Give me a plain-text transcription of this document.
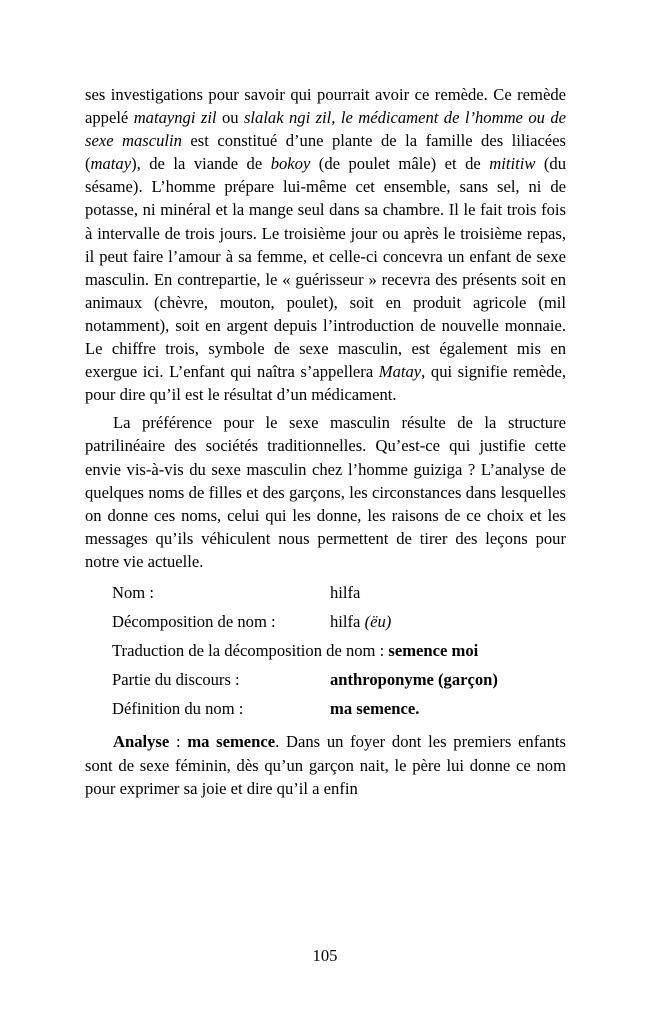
ses investigations pour savoir qui pourrait avoir ce remède. Ce remède appelé matayngi zil ou slalak ngi zil, le médicament de l’homme ou de sexe masculin est constitué d’une plante de la famille des liliacées (matay), de la viande de bokoy (de poulet mâle) et de mititiw (du sésame). L’homme prépare lui-même cet ensemble, sans sel, ni de potasse, ni minéral et la mange seul dans sa chambre. Il le fait trois fois à intervalle de trois jours. Le troisième jour ou après le troisième repas, il peut faire l’amour à sa femme, et celle-ci concevra un enfant de sexe masculin. En contrepartie, le « guérisseur » recevra des présents soit en animaux (chèvre, mouton, poulet), soit en produit agricole (mil notamment), soit en argent depuis l’introduction de nouvelle monnaie. Le chiffre trois, symbole de sexe masculin, est également mis en exergue ici. L’enfant qui naîtra s’appellera Matay, qui signifie remède, pour dire qu’il est le résultat d’un médicament.

La préférence pour le sexe masculin résulte de la structure patrilinéaire des sociétés traditionnelles. Qu’est-ce qui justifie cette envie vis-à-vis du sexe masculin chez l’homme guiziga ? L’analyse de quelques noms de filles et des garçons, les circonstances dans lesquelles on donne ces noms, celui qui les donne, les raisons de ce choix et les messages qu’ils véhiculent nous permettent de tirer des leçons pour notre vie actuelle.

Nom :	hilfa
Décomposition de nom :	hilfa (ëu)
Traduction de la décomposition de nom : semence moi
Partie du discours :	anthroponyme (garçon)
Définition du nom :	ma semence.

Analyse : ma semence. Dans un foyer dont les premiers enfants sont de sexe féminin, dès qu’un garçon nait, le père lui donne ce nom pour exprimer sa joie et dire qu’il a enfin

105
